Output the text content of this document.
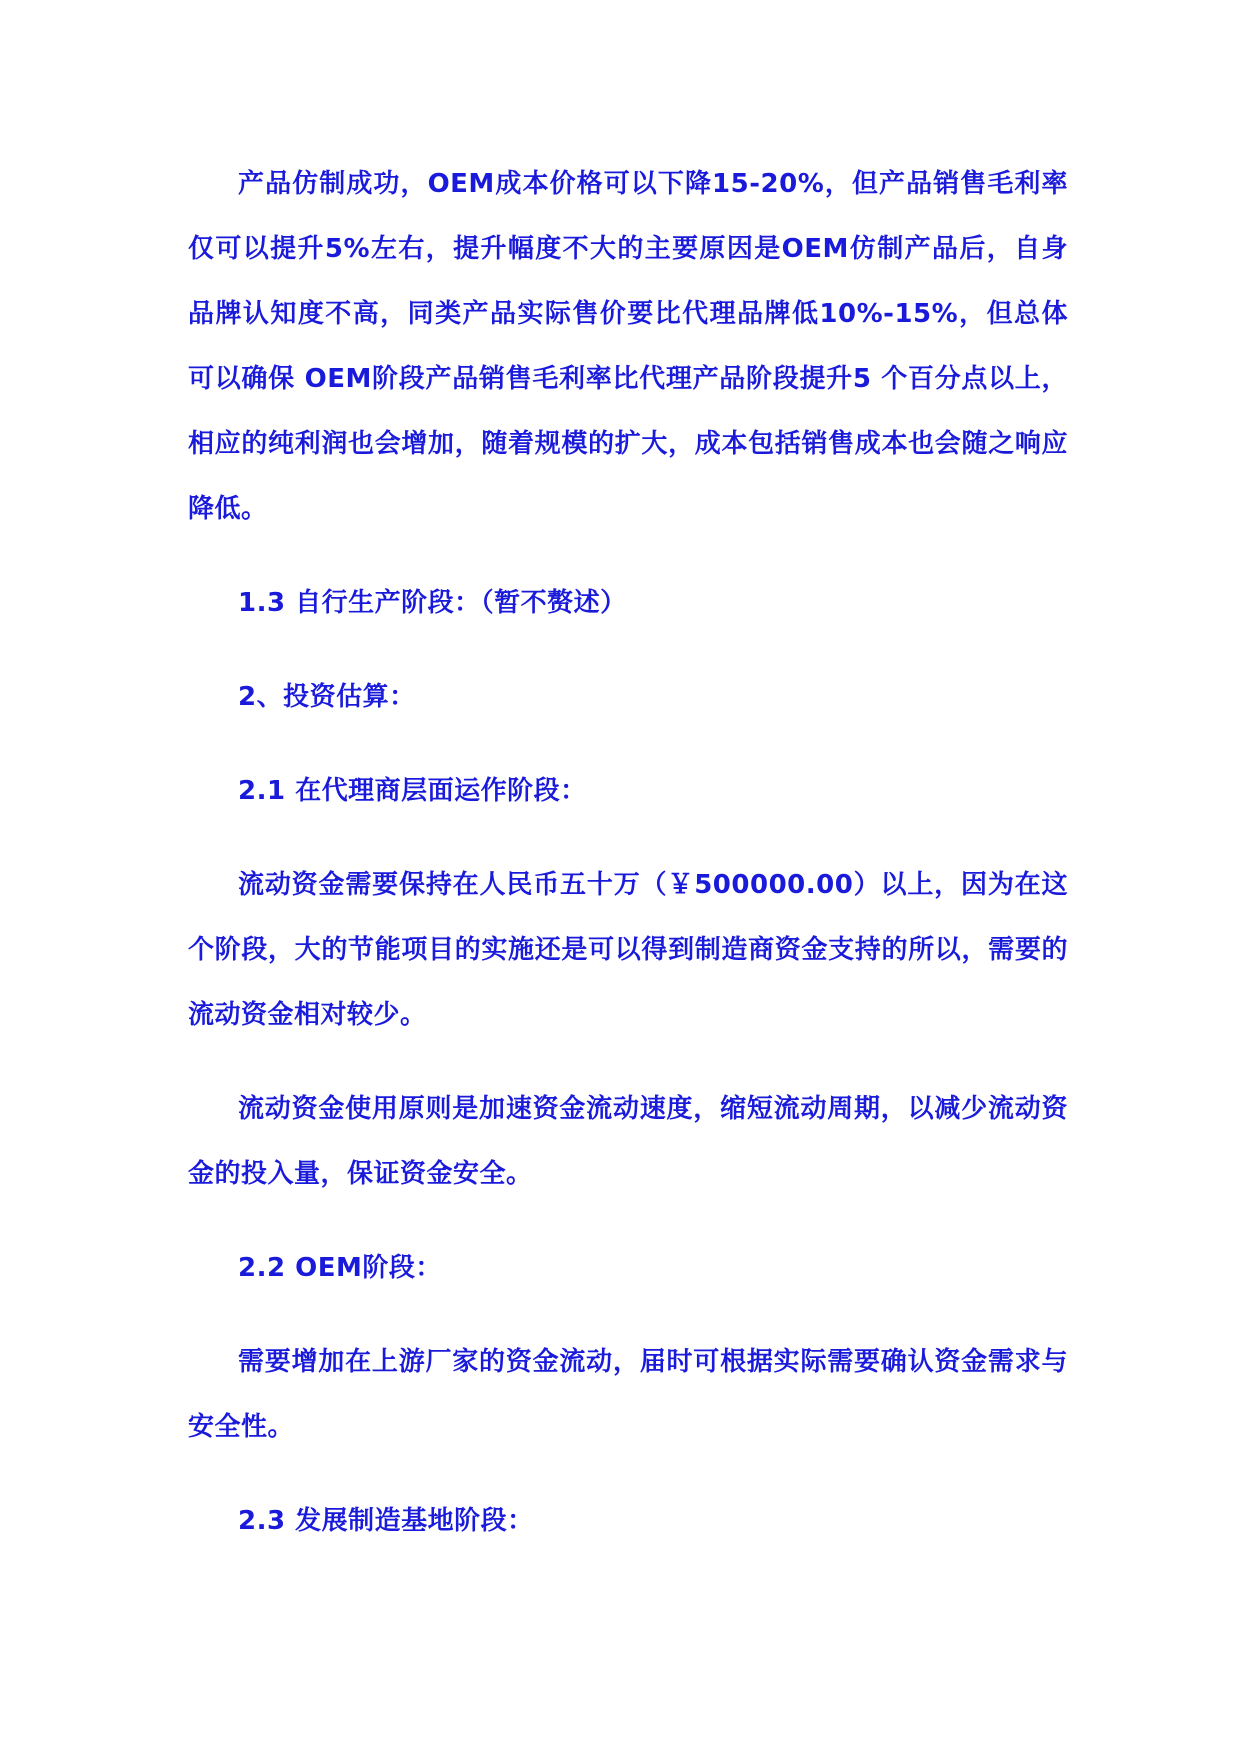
产品仿制成功，OEM成本价格可以下降15-20%，但产品销售毛利率仅可以提升5%左右，提升幅度不大的主要原因是OEM仿制产品后，自身品牌认知度不高，同类产品实际售价要比代理品牌低10%-15%，但总体可以确保 OEM阶段产品销售毛利率比代理产品阶段提升5 个百分点以上，相应的纯利润也会增加，随着规模的扩大，成本包括销售成本也会随之响应降低。

1.3 自行生产阶段：（暂不赘述）

2、投资估算：

2.1 在代理商层面运作阶段：

流动资金需要保持在人民币五十万（￥500000.00）以上，因为在这个阶段，大的节能项目的实施还是可以得到制造商资金支持的所以，需要的流动资金相对较少。

流动资金使用原则是加速资金流动速度，缩短流动周期，以减少流动资金的投入量，保证资金安全。

2.2 OEM阶段：

需要增加在上游厂家的资金流动，届时可根据实际需要确认资金需求与安全性。

2.3 发展制造基地阶段：
